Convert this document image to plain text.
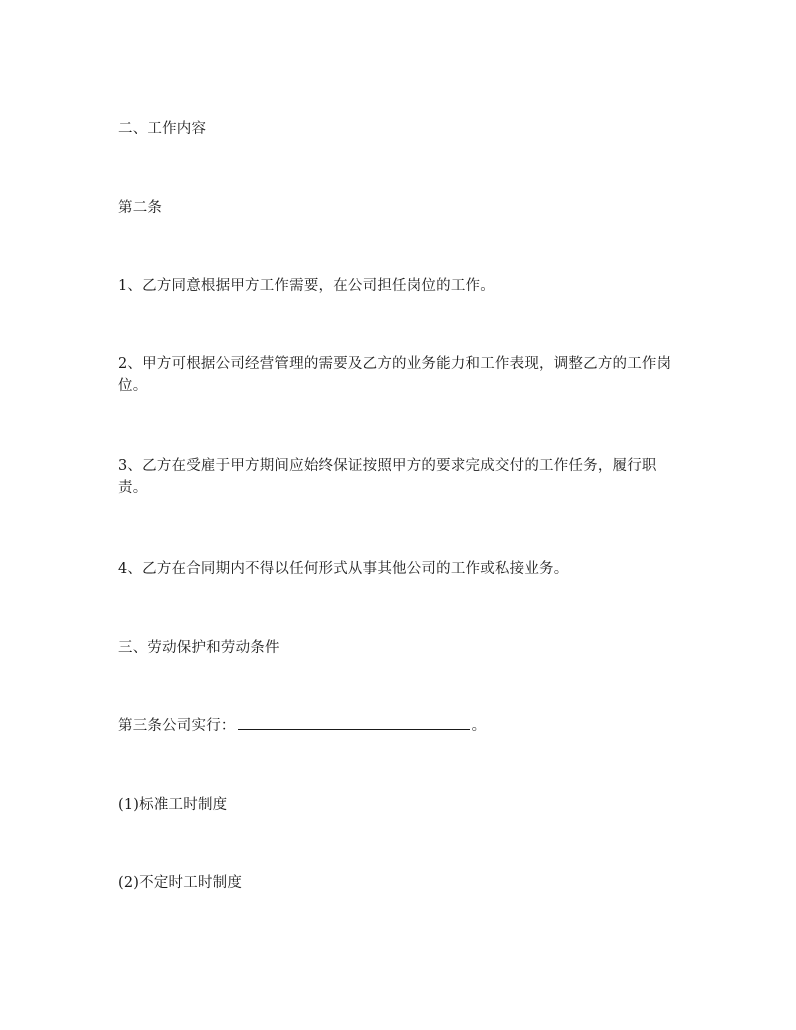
二、工作内容

第二条

1、乙方同意根据甲方工作需要，在公司担任岗位的工作。

2、甲方可根据公司经营管理的需要及乙方的业务能力和工作表现，调整乙方的工作岗位。

3、乙方在受雇于甲方期间应始终保证按照甲方的要求完成交付的工作任务，履行职责。

4、乙方在合同期内不得以任何形式从事其他公司的工作或私接业务。

三、劳动保护和劳动条件

第三条公司实行：	。

(1)标准工时制度

(2)不定时工时制度
